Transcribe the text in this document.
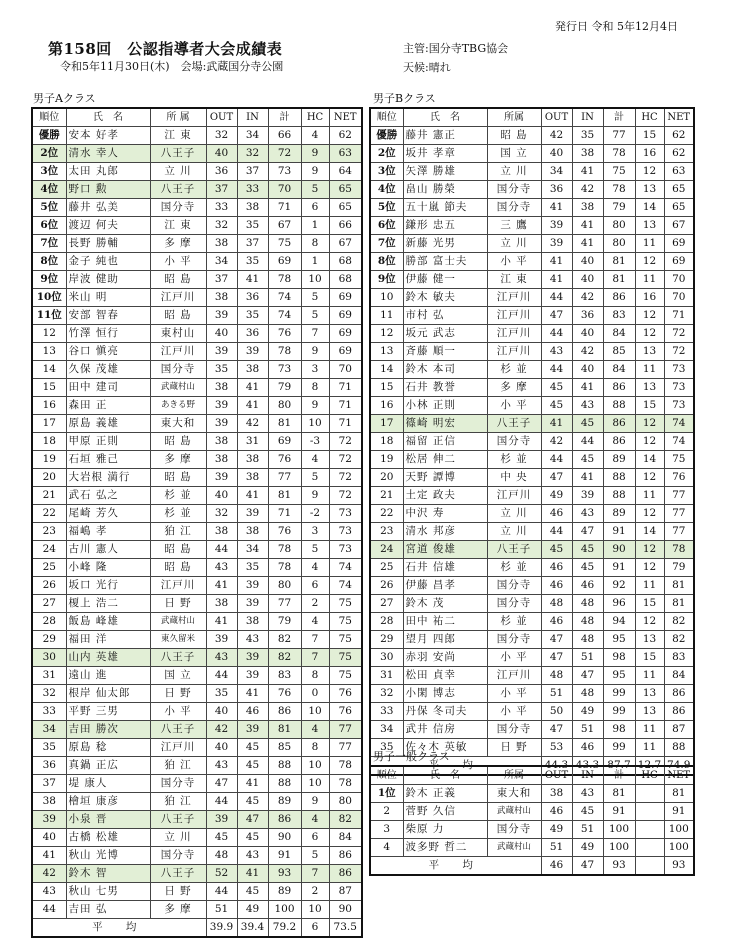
発行日 令和 5年12月4日
第158回　公認指導者大会成績表
令和5年11月30日(木)　会場:武蔵国分寺公園
主管:国分寺TBG協会
天候:晴れ
男子Aクラス
順位	氏　名	所 属	OUT	IN	計	HC	NET
優勝	安本 好孝	江 東	32	34	66	4	62
2位	清水 幸人	八王子	40	32	72	9	63
3位	太田 丸郎	立 川	36	37	73	9	64
4位	野口 勲	八王子	37	33	70	5	65
5位	藤井 弘美	国分寺	33	38	71	6	65
6位	渡辺 何夫	江 東	32	35	67	1	66
7位	長野 勝輔	多 摩	38	37	75	8	67
8位	金子 純也	小 平	34	35	69	1	68
9位	岸波 健助	昭 島	37	41	78	10	68
10位	米山 明	江戸川	38	36	74	5	69
11位	安部 智春	昭 島	39	35	74	5	69
12	竹澤 恒行	東村山	40	36	76	7	69
13	谷口 愼亮	江戸川	39	39	78	9	69
14	久保 茂雄	国分寺	35	38	73	3	70
15	田中 建司	武蔵村山	38	41	79	8	71
16	森田 正	あきる野	39	41	80	9	71
17	原島 義雄	東大和	39	42	81	10	71
18	甲原 正則	昭 島	38	31	69	-3	72
19	石垣 雅己	多 摩	38	38	76	4	72
20	大岩根 満行	昭 島	39	38	77	5	72
21	武石 弘之	杉 並	40	41	81	9	72
22	尾崎 芳久	杉 並	32	39	71	-2	73
23	福嶋 孝	狛 江	38	38	76	3	73
24	古川 憲人	昭 島	44	34	78	5	73
25	小峰 隆	昭 島	43	35	78	4	74
26	坂口 光行	江戸川	41	39	80	6	74
27	榎上 浩二	日 野	38	39	77	2	75
28	飯島 峰雄	武蔵村山	41	38	79	4	75
29	福田 洋	東久留米	39	43	82	7	75
30	山内 英雄	八王子	43	39	82	7	75
31	遠山 進	国 立	44	39	83	8	75
32	根岸 仙太郎	日 野	35	41	76	0	76
33	平野 三男	小 平	40	46	86	10	76
34	吉田 勝次	八王子	42	39	81	4	77
35	原島 稔	江戸川	40	45	85	8	77
36	真鍋 正広	狛 江	43	45	88	10	78
37	堤 康人	国分寺	47	41	88	10	78
38	檜垣 康彦	狛 江	44	45	89	9	80
39	小泉 晋	八王子	39	47	86	4	82
40	古橋 松雄	立 川	45	45	90	6	84
41	秋山 光博	国分寺	48	43	91	5	86
42	鈴木 智	八王子	52	41	93	7	86
43	秋山 七男	日 野	44	45	89	2	87
44	吉田 弘	多 摩	51	49	100	10	90
平 均			39.9	39.4	79.2	6	73.5
男子Bクラス
順位	氏　名	所属	OUT	IN	計	HC	NET
優勝	藤井 憲正	昭 島	42	35	77	15	62
2位	坂井 孝章	国 立	40	38	78	16	62
3位	矢澤 勝雄	立 川	34	41	75	12	63
4位	畠山 勝榮	国分寺	36	42	78	13	65
5位	五十嵐 節夫	国分寺	41	38	79	14	65
6位	鎌形 忠五	三 鷹	39	41	80	13	67
7位	新藤 光男	立 川	39	41	80	11	69
8位	勝部 富士夫	小 平	41	40	81	12	69
9位	伊藤 健一	江 東	41	40	81	11	70
10	鈴木 敏夫	江戸川	44	42	86	16	70
11	市村 弘	江戸川	47	36	83	12	71
12	坂元 武志	江戸川	44	40	84	12	72
13	斉藤 順一	江戸川	43	42	85	13	72
14	鈴木 本司	杉 並	44	40	84	11	73
15	石井 教誉	多 摩	45	41	86	13	73
16	小林 正則	小 平	45	43	88	15	73
17	篠崎 明宏	八王子	41	45	86	12	74
18	福留 正信	国分寺	42	44	86	12	74
19	松居 伸二	杉 並	44	45	89	14	75
20	天野 譚博	中 央	47	41	88	12	76
21	土定 政夫	江戸川	49	39	88	11	77
22	中沢 寿	立 川	46	43	89	12	77
23	清水 邦彦	立 川	44	47	91	14	77
24	宮道 俊雄	八王子	45	45	90	12	78
25	石井 信雄	杉 並	46	45	91	12	79
26	伊藤 昌孝	国分寺	46	46	92	11	81
27	鈴木 茂	国分寺	48	48	96	15	81
28	田中 祐二	杉 並	46	48	94	12	82
29	望月 四郎	国分寺	47	48	95	13	82
30	赤羽 安尚	小 平	47	51	98	15	83
31	松田 貞幸	江戸川	48	47	95	11	84
32	小閑 博志	小 平	51	48	99	13	86
33	丹保 冬司夫	小 平	50	49	99	13	86
34	武井 信房	国分寺	47	51	98	11	87
35	佐々木 英敏	日 野	53	46	99	11	88
平 均			44.3	43.3	87.7	12.7	74.9
男子一般クラス
順位	氏　名	所属	OUT	IN	計	HC	NET
1位	鈴木 正義	東大和	38	43	81		81
2	菅野 久信	武蔵村山	46	45	91		91
3	柴原 力	国分寺	49	51	100		100
4	波多野 哲二	武蔵村山	51	49	100		100
平 均			46	47	93		93
